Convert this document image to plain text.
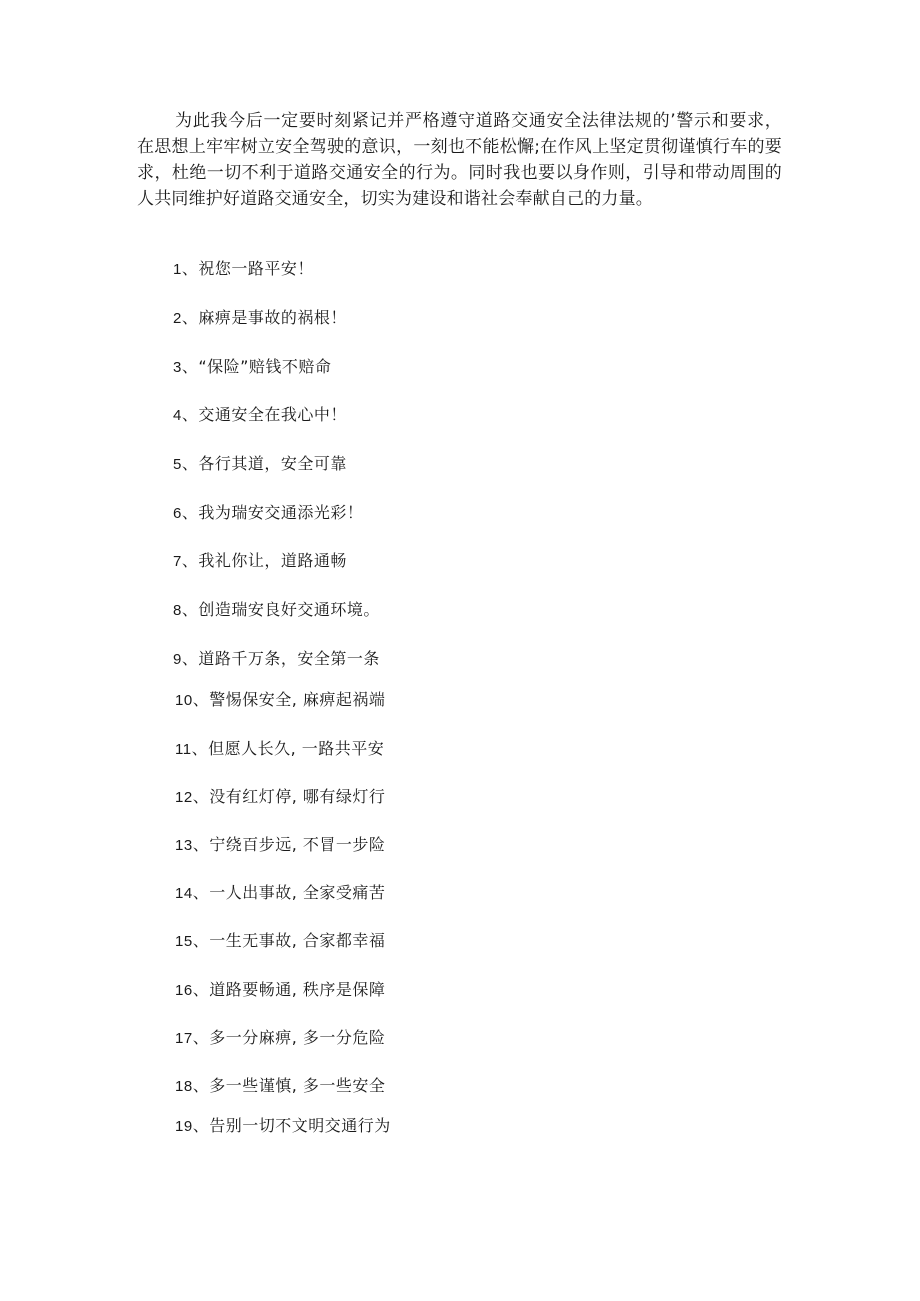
为此我今后一定要时刻紧记并严格遵守道路交通安全法律法规的’警示和要求，在思想上牢牢树立安全驾驶的意识，一刻也不能松懈;在作风上坚定贯彻谨慎行车的要求，杜绝一切不利于道路交通安全的行为。同时我也要以身作则，引导和带动周围的人共同维护好道路交通安全，切实为建设和谐社会奉献自己的力量。

1、祝您一路平安！

2、麻痹是事故的祸根！

3、“保险”赔钱不赔命

4、交通安全在我心中！

5、各行其道，安全可靠

6、我为瑞安交通添光彩！

7、我礼你让，道路通畅

8、创造瑞安良好交通环境。

9、道路千万条，安全第一条

10、警惕保安全, 麻痹起祸端

11、但愿人长久, 一路共平安

12、没有红灯停, 哪有绿灯行

13、宁绕百步远, 不冒一步险

14、一人出事故, 全家受痛苦

15、一生无事故, 合家都幸福

16、道路要畅通, 秩序是保障

17、多一分麻痹, 多一分危险

18、多一些谨慎, 多一些安全

19、告别一切不文明交通行为
